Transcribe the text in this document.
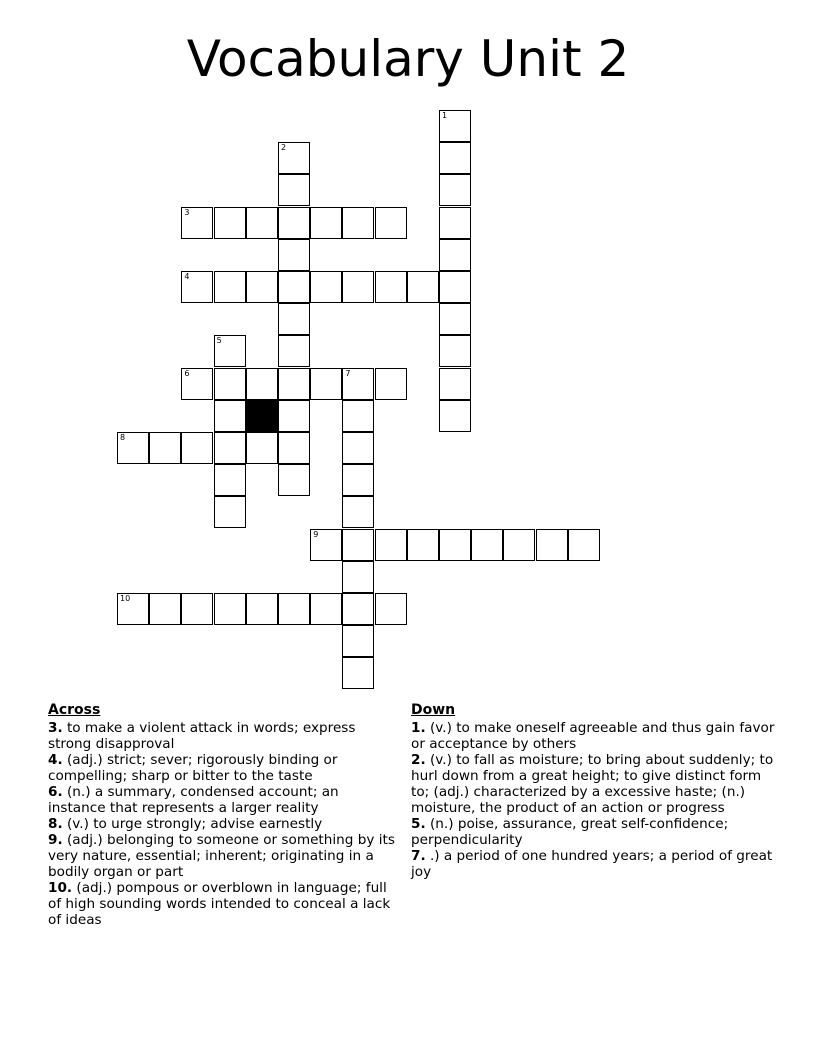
Vocabulary Unit 2
1
2
3
4
5
6	7
8
9
10
Across
3. to make a violent attack in words; express strong disapproval
4. (adj.) strict; sever; rigorously binding or compelling; sharp or bitter to the taste
6. (n.) a summary, condensed account; an instance that represents a larger reality
8. (v.) to urge strongly; advise earnestly
9. (adj.) belonging to someone or something by its very nature, essential; inherent; originating in a bodily organ or part
10. (adj.) pompous or overblown in language; full of high sounding words intended to conceal a lack of ideas
Down
1. (v.) to make oneself agreeable and thus gain favor or acceptance by others
2. (v.) to fall as moisture; to bring about suddenly; to hurl down from a great height; to give distinct form to; (adj.) characterized by a excessive haste; (n.) moisture, the product of an action or progress
5. (n.) poise, assurance, great self-confidence; perpendicularity
7. .) a period of one hundred years; a period of great joy
